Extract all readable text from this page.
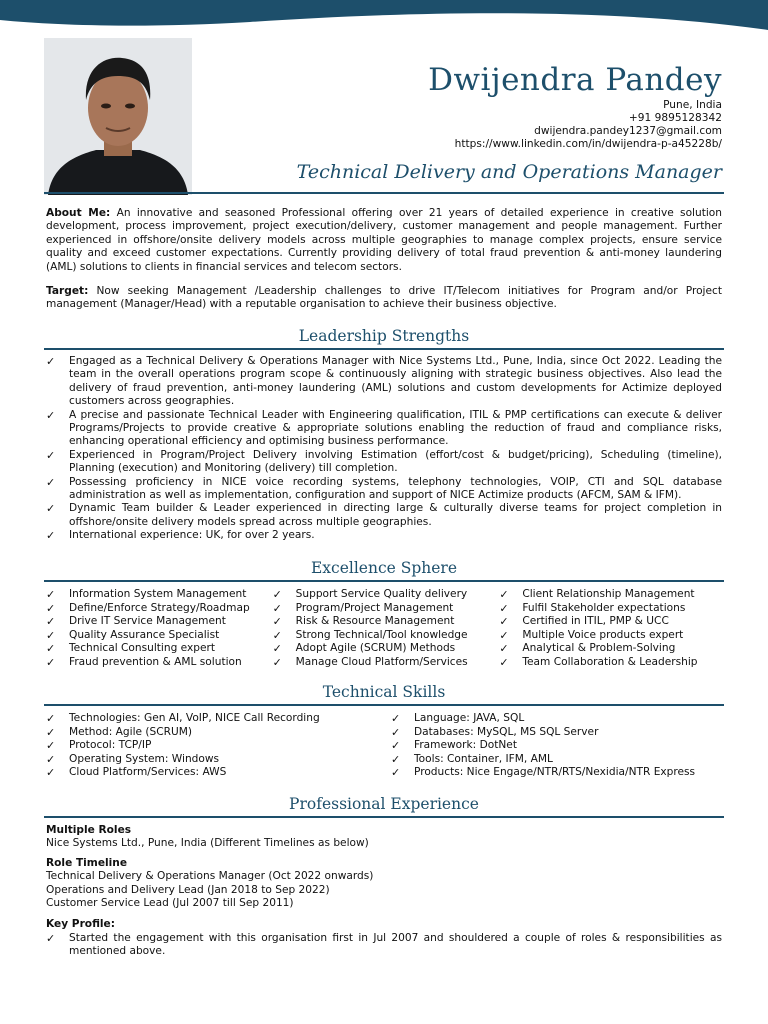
Dwijendra Pandey
Pune, India
+91 9895128342
dwijendra.pandey1237@gmail.com
https://www.linkedin.com/in/dwijendra-p-a45228b/
Technical Delivery and Operations Manager
About Me: An innovative and seasoned Professional offering over 21 years of detailed experience in creative solution development, process improvement, project execution/delivery, customer management and people management. Further experienced in offshore/onsite delivery models across multiple geographies to manage complex projects, ensure service quality and exceed customer expectations. Currently providing delivery of total fraud prevention & anti-money laundering (AML) solutions to clients in financial services and telecom sectors.
Target: Now seeking Management /Leadership challenges to drive IT/Telecom initiatives for Program and/or Project management (Manager/Head) with a reputable organisation to achieve their business objective.
Leadership Strengths
✓ Engaged as a Technical Delivery & Operations Manager with Nice Systems Ltd., Pune, India, since Oct 2022. Leading the team in the overall operations program scope & continuously aligning with strategic business objectives. Also lead the delivery of fraud prevention, anti-money laundering (AML) solutions and custom developments for Actimize deployed customers across geographies.
✓ A precise and passionate Technical Leader with Engineering qualification, ITIL & PMP certifications can execute & deliver Programs/Projects to provide creative & appropriate solutions enabling the reduction of fraud and compliance risks, enhancing operational efficiency and optimising business performance.
✓ Experienced in Program/Project Delivery involving Estimation (effort/cost & budget/pricing), Scheduling (timeline), Planning (execution) and Monitoring (delivery) till completion.
✓ Possessing proficiency in NICE voice recording systems, telephony technologies, VOIP, CTI and SQL database administration as well as implementation, configuration and support of NICE Actimize products (AFCM, SAM & IFM).
✓ Dynamic Team builder & Leader experienced in directing large & culturally diverse teams for project completion in offshore/onsite delivery models spread across multiple geographies.
✓ International experience: UK, for over 2 years.
Excellence Sphere
✓ Information System Management
✓ Define/Enforce Strategy/Roadmap
✓ Drive IT Service Management
✓ Quality Assurance Specialist
✓ Technical Consulting expert
✓ Fraud prevention & AML solution
✓ Support Service Quality delivery
✓ Program/Project Management
✓ Risk & Resource Management
✓ Strong Technical/Tool knowledge
✓ Adopt Agile (SCRUM) Methods
✓ Manage Cloud Platform/Services
✓ Client Relationship Management
✓ Fulfil Stakeholder expectations
✓ Certified in ITIL, PMP & UCC
✓ Multiple Voice products expert
✓ Analytical & Problem-Solving
✓ Team Collaboration & Leadership
Technical Skills
✓ Technologies: Gen AI, VoIP, NICE Call Recording
✓ Method: Agile (SCRUM)
✓ Protocol: TCP/IP
✓ Operating System: Windows
✓ Cloud Platform/Services: AWS
✓ Language: JAVA, SQL
✓ Databases: MySQL, MS SQL Server
✓ Framework: DotNet
✓ Tools: Container, IFM, AML
✓ Products: Nice Engage/NTR/RTS/Nexidia/NTR Express
Professional Experience
Multiple Roles
Nice Systems Ltd., Pune, India (Different Timelines as below)
Role Timeline
Technical Delivery & Operations Manager (Oct 2022 onwards)
Operations and Delivery Lead (Jan 2018 to Sep 2022)
Customer Service Lead (Jul 2007 till Sep 2011)
Key Profile:
✓ Started the engagement with this organisation first in Jul 2007 and shouldered a couple of roles & responsibilities as mentioned above.
